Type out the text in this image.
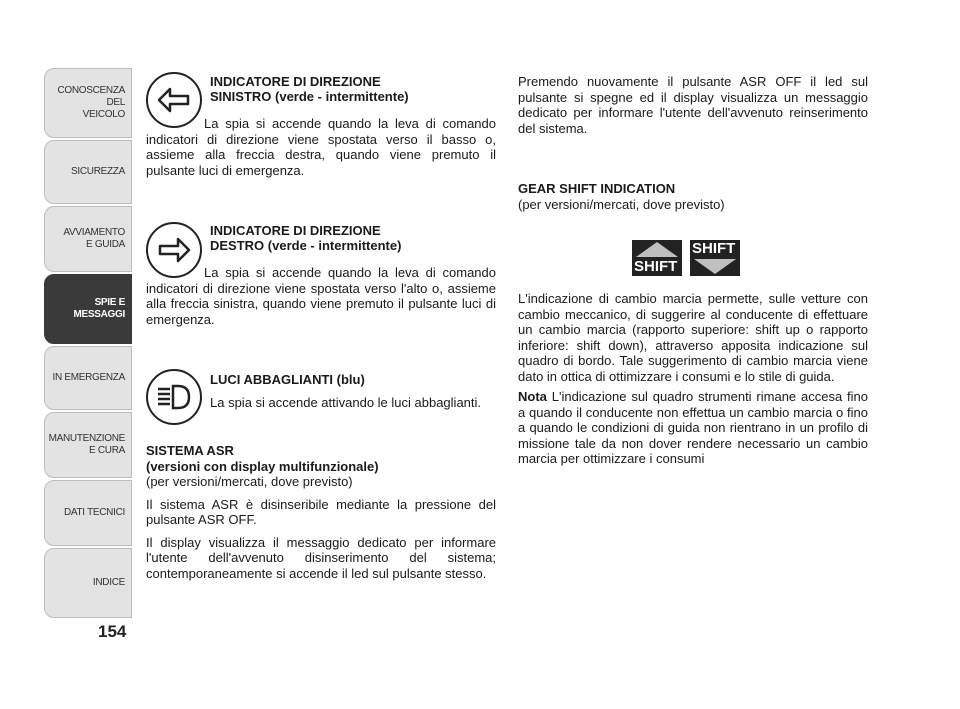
CONOSCENZA
DEL
VEICOLO
SICUREZZA
AVVIAMENTO
E GUIDA
SPIE E
MESSAGGI
IN EMERGENZA
MANUTENZIONE
E CURA
DATI TECNICI
INDICE
154
INDICATORE DI DIREZIONE
SINISTRO (verde - intermittente)
La spia si accende quando la leva di comando indicatori di direzione viene spostata verso il basso o, assieme alla freccia destra, quando viene premuto il pulsante luci di emergenza.
INDICATORE DI DIREZIONE
DESTRO (verde - intermittente)
La spia si accende quando la leva di comando indicatori di direzione viene spostata verso l'alto o, assieme alla freccia sinistra, quando viene premuto il pulsante luci di emergenza.
LUCI ABBAGLIANTI (blu)
La spia si accende attivando le luci abbaglianti.
SISTEMA ASR
(versioni con display multifunzionale)

(per versioni/mercati, dove previsto)

Il sistema ASR è disinseribile mediante la pressione del pulsante ASR OFF.

Il display visualizza il messaggio dedicato per informare l'utente dell'avvenuto disinserimento del sistema; contemporaneamente si accende il led sul pulsante stesso.

Premendo nuovamente il pulsante ASR OFF il led sul pulsante si spegne ed il display visualizza un messaggio dedicato per informare l'utente dell'avvenuto reinserimento del sistema.

GEAR SHIFT INDICATION

(per versioni/mercati, dove previsto)

SHIFT
SHIFT

L'indicazione di cambio marcia permette, sulle vetture con cambio meccanico, di suggerire al conducente di effettuare un cambio marcia (rapporto superiore: shift up o rapporto inferiore: shift down), attraverso apposita indicazione sul quadro di bordo. Tale suggerimento di cambio marcia viene dato in ottica di ottimizzare i consumi e lo stile di guida.

Nota L'indicazione sul quadro strumenti rimane accesa fino a quando il conducente non effettua un cambio marcia o fino a quando le condizioni di guida non rientrano in un profilo di missione tale da non dover rendere necessario un cambio marcia per ottimizzare i consumi
